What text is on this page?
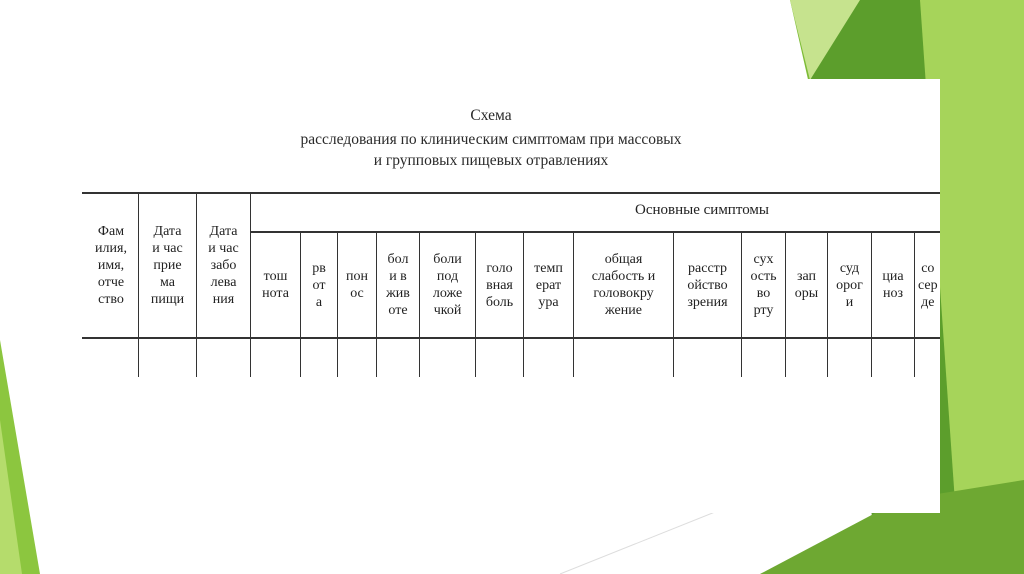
Схема
расследования по клиническим симптомам при массовых
и групповых пищевых отравлениях
Фам
илия,
имя,
отче
ство
Дата
и час
прие
ма
пищи
Дата
и час
забо
лева
ния
Основные симптомы
тош
нота
рв
от
а
пон
ос
бол
и в
жив
оте
боли
под
ложе
чкой
голо
вная
боль
темп
ерат
ура
общая
слабость и
головокру
жение
расстр
ойство
зрения
сух
ость
во
рту
зап
оры
суд
орог
и
циа
ноз
со
сер
де
